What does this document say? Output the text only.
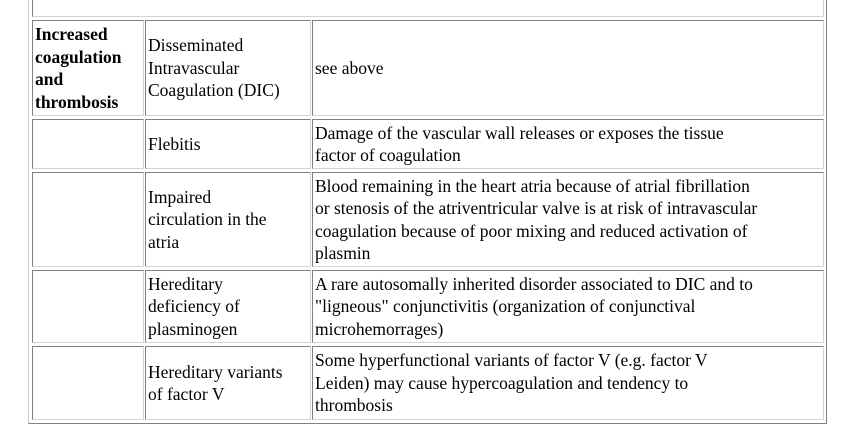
Increased
coagulation
and
thrombosis
Disseminated
Intravascular
Coagulation (DIC)
see above
Flebitis
Damage of the vascular wall releases or exposes the tissue
factor of coagulation
Impaired
circulation in the
atria
Blood remaining in the heart atria because of atrial fibrillation
or stenosis of the atriventricular valve is at risk of intravascular
coagulation because of poor mixing and reduced activation of
plasmin
Hereditary
deficiency of
plasminogen
A rare autosomally inherited disorder associated to DIC and to
"ligneous" conjunctivitis (organization of conjunctival
microhemorrages)
Hereditary variants
of factor V
Some hyperfunctional variants of factor V (e.g. factor V
Leiden) may cause hypercoagulation and tendency to
thrombosis
